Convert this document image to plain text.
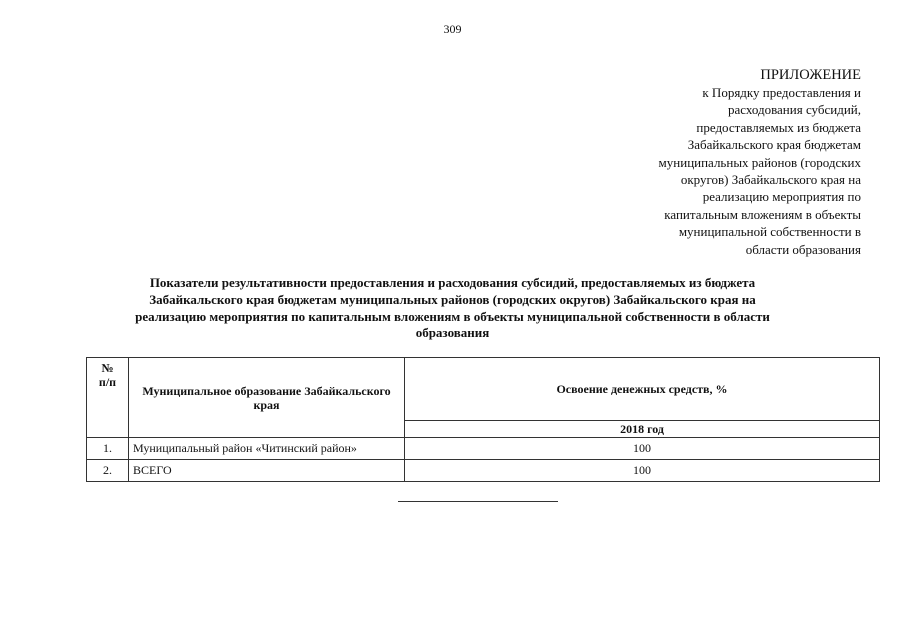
309
ПРИЛОЖЕНИЕ
к Порядку предоставления и
расходования субсидий,
предоставляемых из бюджета
Забайкальского края бюджетам
муниципальных районов (городских
округов) Забайкальского края на
реализацию мероприятия по
капитальным вложениям в объекты
муниципальной собственности в
области образования
Показатели результативности предоставления и расходования субсидий, предоставляемых из бюджета
Забайкальского края бюджетам муниципальных районов (городских округов) Забайкальского края на
реализацию мероприятия по капитальным вложениям в объекты муниципальной собственности в области
образования
№
п/п	Муниципальное образование Забайкальского края	Освоение денежных средств, %
		2018 год
1.	Муниципальный район «Читинский район»	100
2.	ВСЕГО	100
